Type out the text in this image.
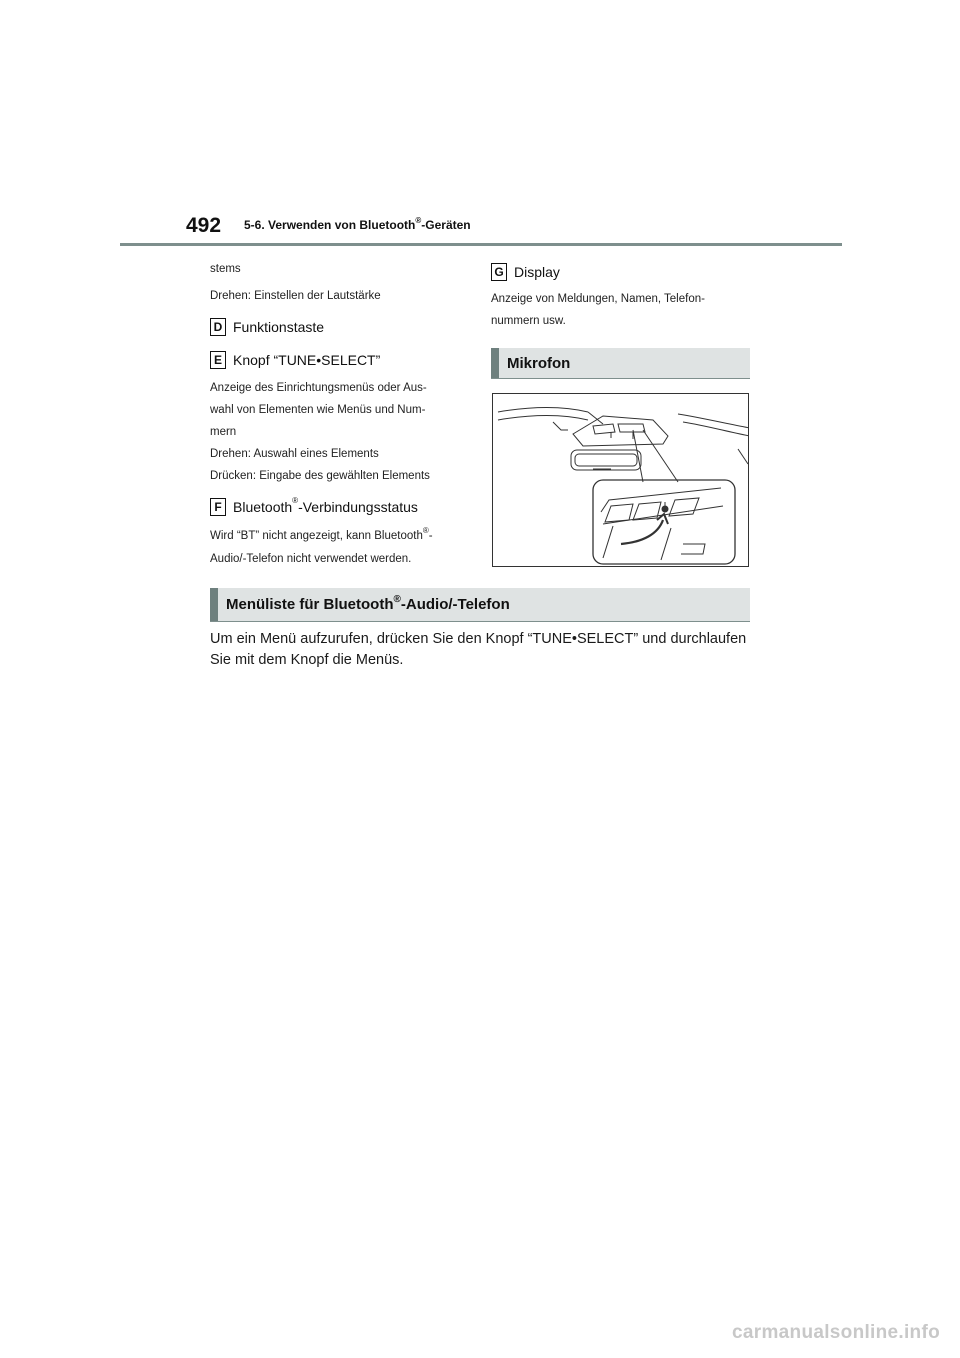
492 5-6. Verwenden von Bluetooth®-Geräten

stems

Drehen: Einstellen der Lautstärke

D Funktionstaste
E Knopf “TUNE•SELECT”

Anzeige des Einrichtungsmenüs oder Aus-

wahl von Elementen wie Menüs und Num-

mern

Drehen: Auswahl eines Elements

Drücken: Eingabe des gewählten Elements

F Bluetooth ® -Verbindungsstatus

Wird “BT” nicht angezeigt, kann Bluetooth®-

Audio/-Telefon nicht verwendet werden.

G Display

Anzeige von Meldungen, Namen, Telefon-

nummern usw.

Mikrofon
Menüliste für Bluetooth®-Audio/-Telefon

Um ein Menü aufzurufen, drücken Sie den Knopf “TUNE•SELECT” und durchlaufen Sie mit dem Knopf die Menüs.

carmanualsonline.info
